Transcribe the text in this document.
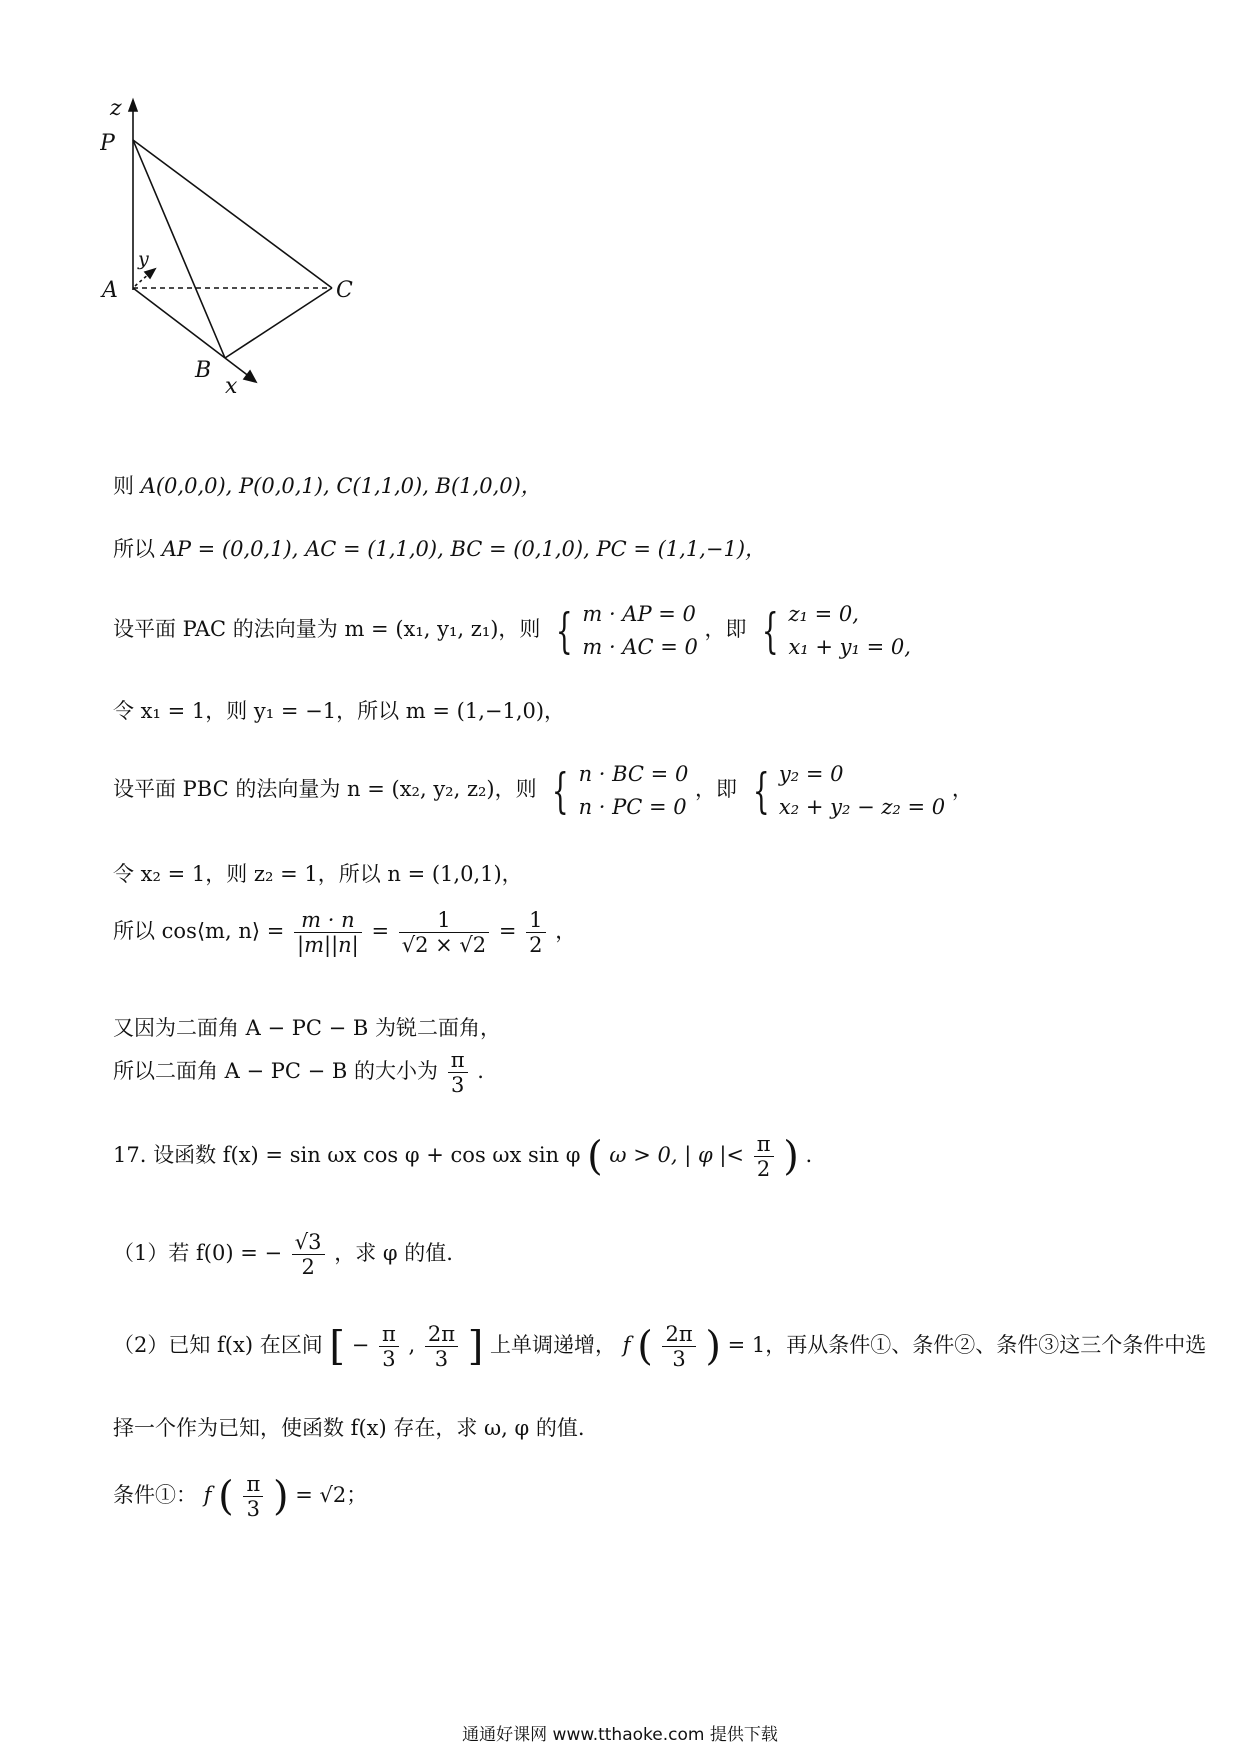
z
P
y
A	C
B
x
则 A(0,0,0), P(0,0,1), C(1,1,0), B(1,0,0)，
所以 AP = (0,0,1), AC = (1,1,0), BC = (0,1,0), PC = (1,1,−1)，
设平面 PAC 的法向量为 m = (x₁, y₁, z₁)，则 { m · AP = 0
m · AC = 0
，即 { z₁ = 0,
x₁ + y₁ = 0,
令 x₁ = 1，则 y₁ = −1，所以 m = (1,−1,0)，
设平面 PBC 的法向量为 n = (x₂, y₂, z₂)，则 { n · BC = 0
n · PC = 0
，即 { y₂ = 0
x₂ + y₂ − z₂ = 0
，
令 x₂ = 1，则 z₂ = 1，所以 n = (1,0,1)，
所以 cos⟨m, n⟩ = $\frac{m \cdot n}{|m||n|} = \frac{1}{√2 \times √2} = \frac{1}{2}$ ，
又因为二面角 A − PC − B 为锐二面角，
所以二面角 A − PC − B 的大小为 $\frac{\pi}{3}$ .
17. 设函数 f(x) = sin ωx cos φ + cos ωx sin φ ( ω > 0, | φ |< $\frac{\pi}{2}$ ) .
（1）若 f(0) = − $\frac{√3}{2}$ ，求 φ 的值.
（2）已知 f(x) 在区间 [ − $\frac{\pi}{3}$ , $\frac{2\pi}{3}$ ] 上单调递增， f ( $\frac{2\pi}{3}$ ) = 1，再从条件①、条件②、条件③这三个条件中选
择一个作为已知，使函数 f(x) 存在，求 ω, φ 的值.
条件①： f ( $\frac{\pi}{3}$ ) = √2；
通通好课网 www.tthaoke.com 提供下载
